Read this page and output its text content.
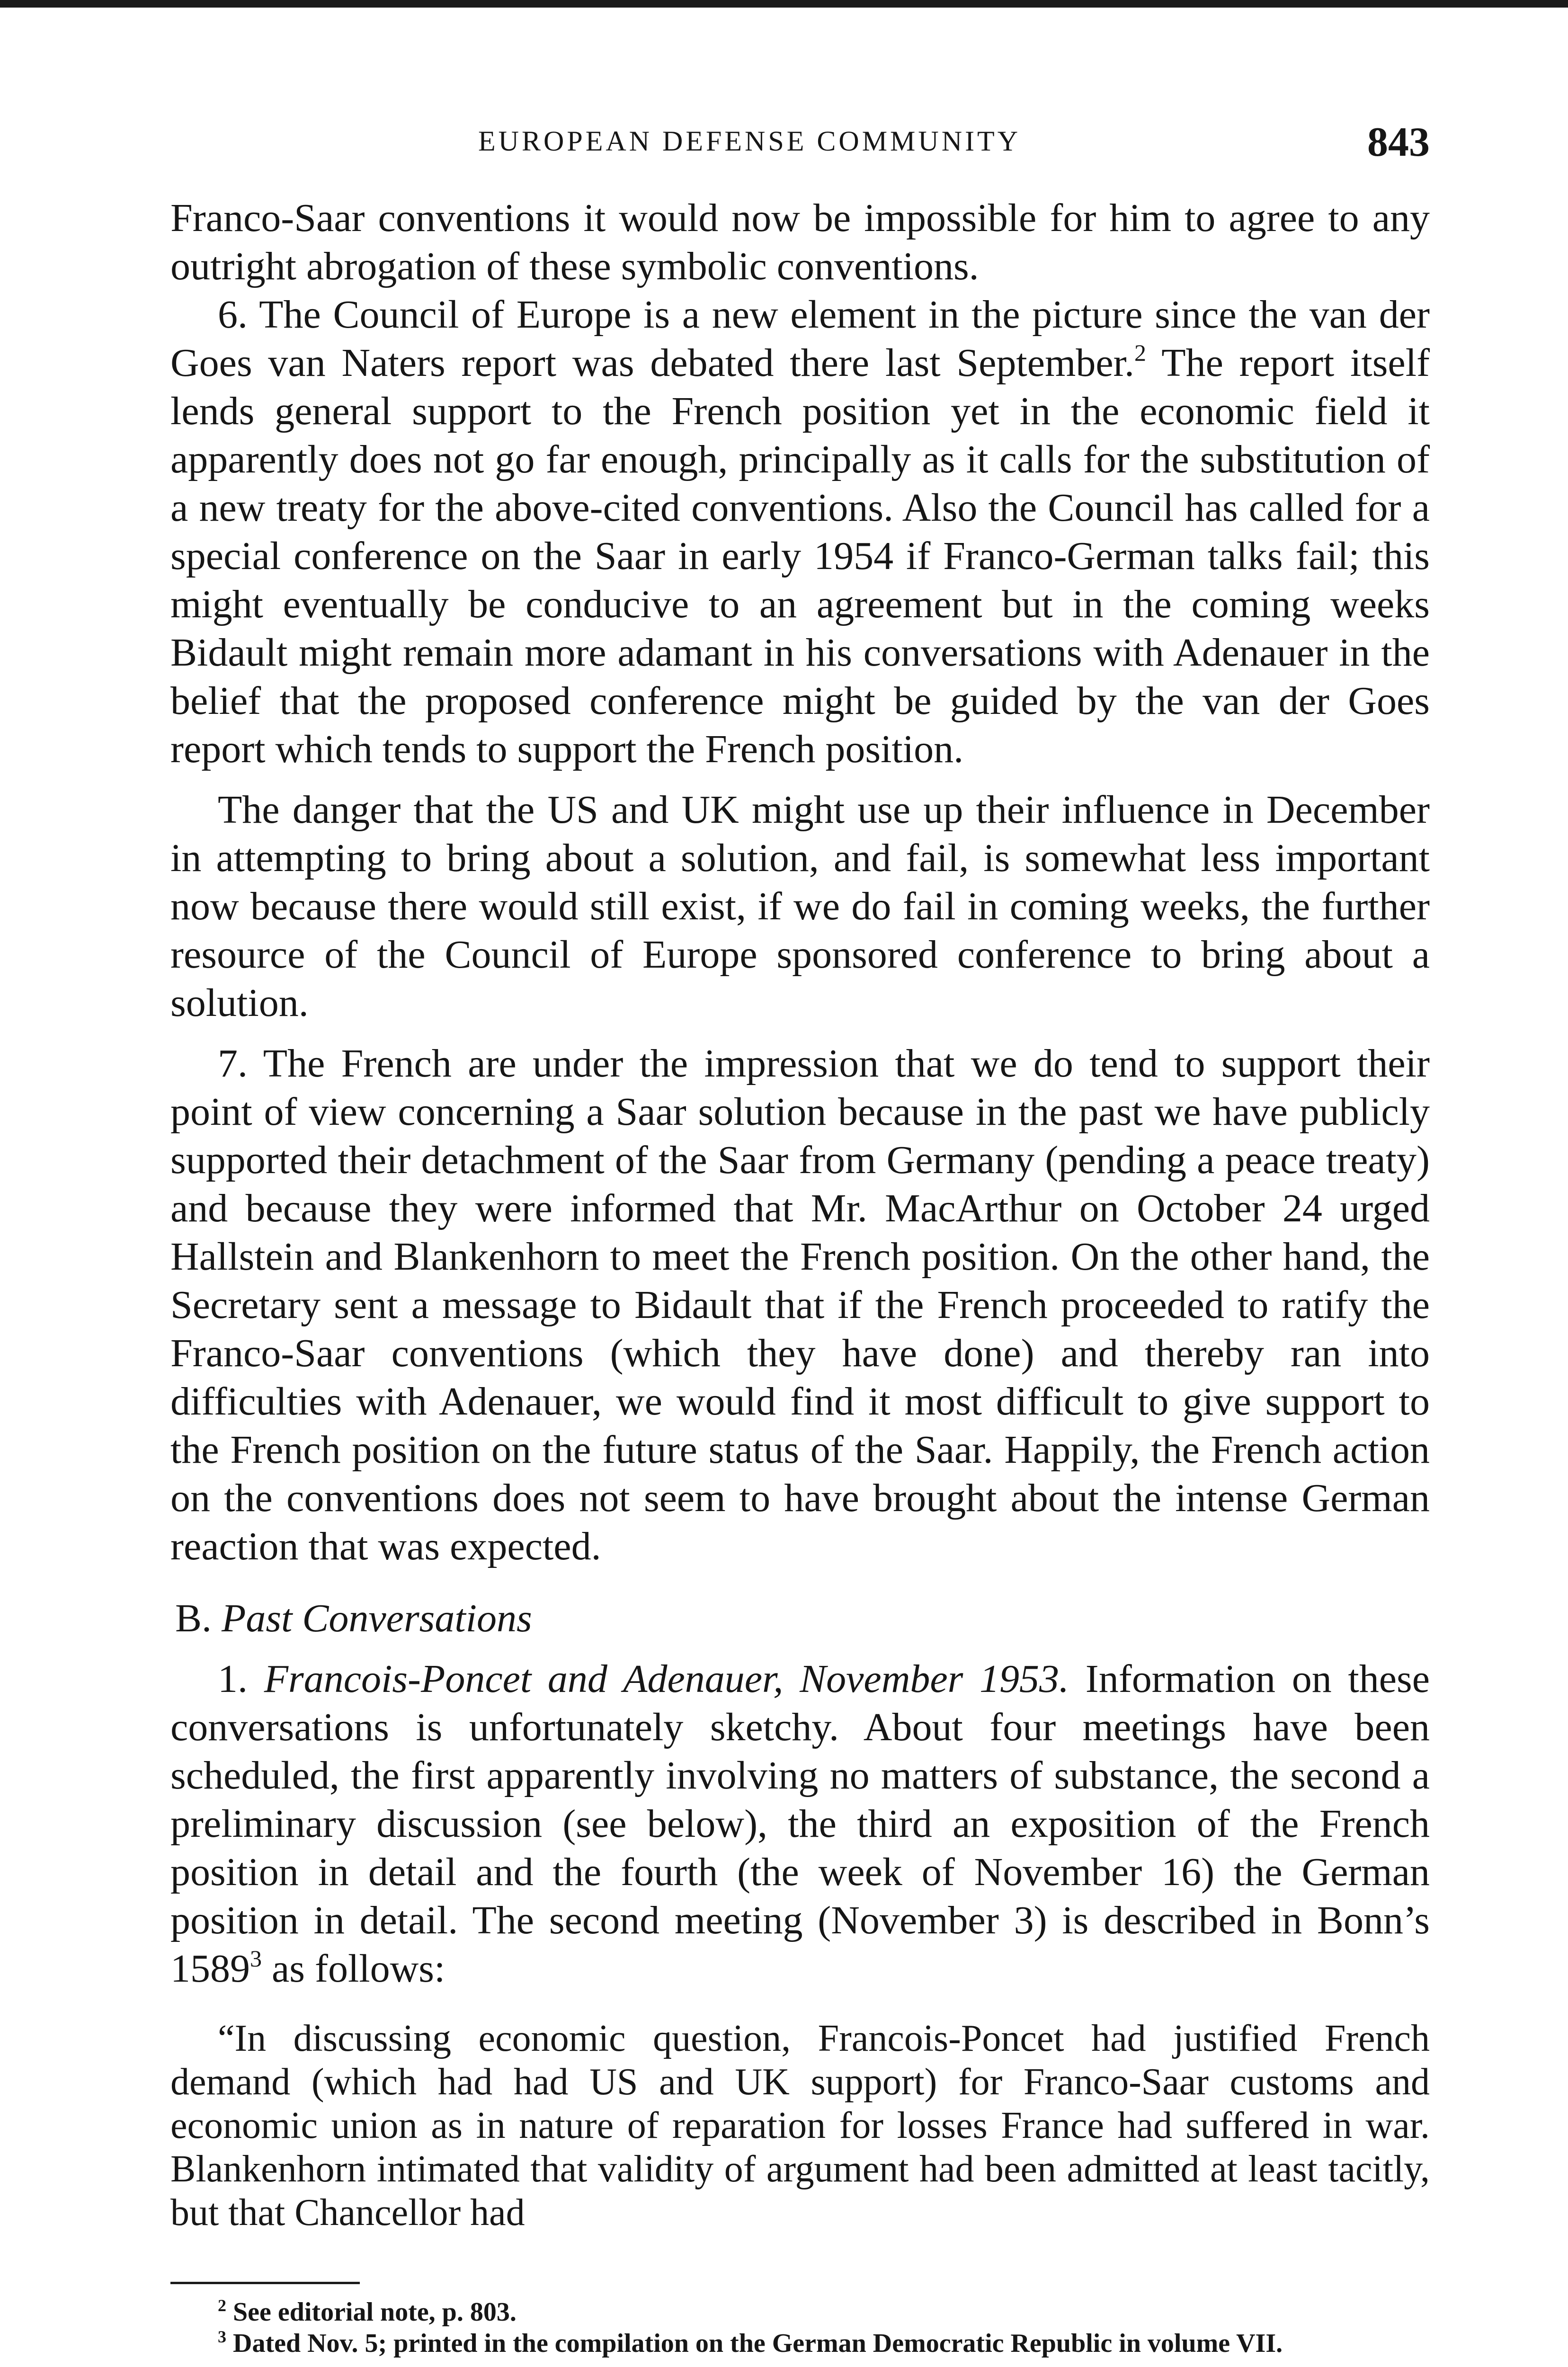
EUROPEAN DEFENSE COMMUNITY	843

Franco-Saar conventions it would now be impossible for him to agree to any outright abrogation of these symbolic conventions.

6. The Council of Europe is a new element in the picture since the van der Goes van Naters report was debated there last September.$^2$ The report itself lends general support to the French position yet in the economic field it apparently does not go far enough, principally as it calls for the substitution of a new treaty for the above-cited conventions. Also the Council has called for a special conference on the Saar in early 1954 if Franco-German talks fail; this might eventually be conducive to an agreement but in the coming weeks Bidault might remain more adamant in his conversations with Adenauer in the belief that the proposed conference might be guided by the van der Goes report which tends to support the French position.

The danger that the US and UK might use up their influence in December in attempting to bring about a solution, and fail, is somewhat less important now because there would still exist, if we do fail in coming weeks, the further resource of the Council of Europe sponsored conference to bring about a solution.

7. The French are under the impression that we do tend to support their point of view concerning a Saar solution because in the past we have publicly supported their detachment of the Saar from Germany (pending a peace treaty) and because they were informed that Mr. MacArthur on October 24 urged Hallstein and Blankenhorn to meet the French position. On the other hand, the Secretary sent a message to Bidault that if the French proceeded to ratify the Franco-Saar conventions (which they have done) and thereby ran into difficulties with Adenauer, we would find it most difficult to give support to the French position on the future status of the Saar. Happily, the French action on the conventions does not seem to have brought about the intense German reaction that was expected.

B. Past Conversations

1. Francois-Poncet and Adenauer, November 1953. Information on these conversations is unfortunately sketchy. About four meetings have been scheduled, the first apparently involving no matters of substance, the second a preliminary discussion (see below), the third an exposition of the French position in detail and the fourth (the week of November 16) the German position in detail. The second meeting (November 3) is described in Bonn’s 1589$^3$ as follows:

“In discussing economic question, Francois-Poncet had justified French demand (which had had US and UK support) for Franco-Saar customs and economic union as in nature of reparation for losses France had suffered in war. Blankenhorn intimated that validity of argument had been admitted at least tacitly, but that Chancellor had

$^2$ See editorial note, p. 803.
$^3$ Dated Nov. 5; printed in the compilation on the German Democratic Republic in volume VII.
